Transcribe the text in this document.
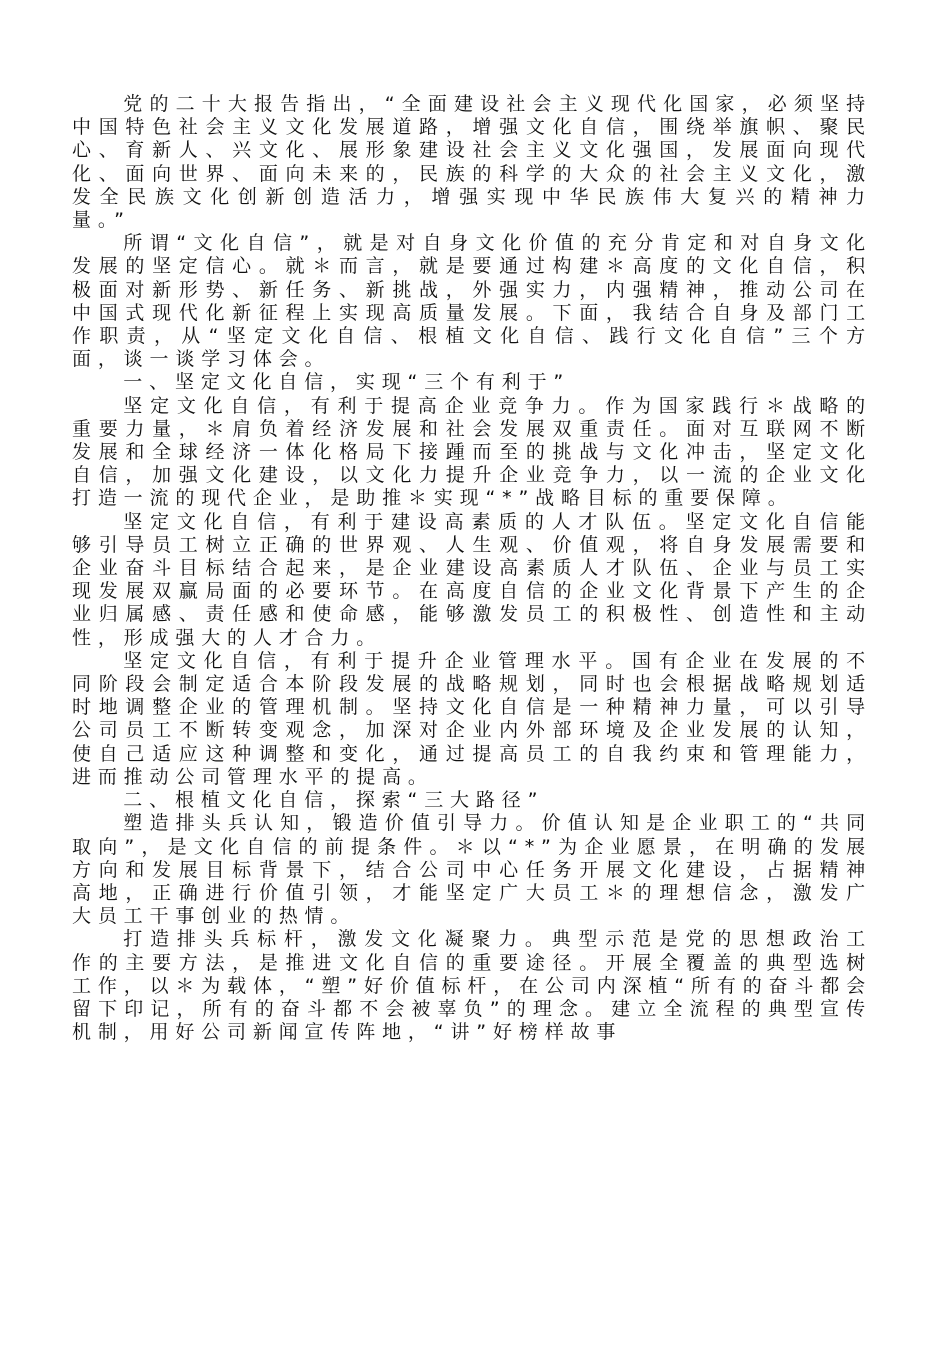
党的二十大报告指出，“全面建设社会主义现代化国家，必须坚持中国特色社会主义文化发展道路，增强文化自信，围绕举旗帜、聚民心、育新人、兴文化、展形象建设社会主义文化强国，发展面向现代化、面向世界、面向未来的，民族的科学的大众的社会主义文化，激发全民族文化创新创造活力，增强实现中华民族伟大复兴的精神力量。”

所谓“文化自信”，就是对自身文化价值的充分肯定和对自身文化发展的坚定信心。就＊而言，就是要通过构建＊高度的文化自信，积极面对新形势、新任务、新挑战，外强实力，内强精神，推动公司在中国式现代化新征程上实现高质量发展。下面，我结合自身及部门工作职责，从“坚定文化自信、根植文化自信、践行文化自信”三个方面，谈一谈学习体会。

一、坚定文化自信，实现“三个有利于”

坚定文化自信，有利于提高企业竞争力。作为国家践行＊战略的重要力量，＊肩负着经济发展和社会发展双重责任。面对互联网不断发展和全球经济一体化格局下接踵而至的挑战与文化冲击，坚定文化自信，加强文化建设，以文化力提升企业竞争力，以一流的企业文化打造一流的现代企业，是助推＊实现“*”战略目标的重要保障。

坚定文化自信，有利于建设高素质的人才队伍。坚定文化自信能够引导员工树立正确的世界观、人生观、价值观，将自身发展需要和企业奋斗目标结合起来，是企业建设高素质人才队伍、企业与员工实现发展双赢局面的必要环节。在高度自信的企业文化背景下产生的企业归属感、责任感和使命感，能够激发员工的积极性、创造性和主动性，形成强大的人才合力。

坚定文化自信，有利于提升企业管理水平。国有企业在发展的不同阶段会制定适合本阶段发展的战略规划，同时也会根据战略规划适时地调整企业的管理机制。坚持文化自信是一种精神力量，可以引导公司员工不断转变观念，加深对企业内外部环境及企业发展的认知，使自己适应这种调整和变化，通过提高员工的自我约束和管理能力，进而推动公司管理水平的提高。

二、根植文化自信，探索“三大路径”

塑造排头兵认知，锻造价值引导力。价值认知是企业职工的“共同取向”，是文化自信的前提条件。＊以“*”为企业愿景，在明确的发展方向和发展目标背景下，结合公司中心任务开展文化建设，占据精神高地，正确进行价值引领，才能坚定广大员工＊的理想信念，激发广大员工干事创业的热情。

打造排头兵标杆，激发文化凝聚力。典型示范是党的思想政治工作的主要方法，是推进文化自信的重要途径。开展全覆盖的典型选树工作，以＊为载体，“塑”好价值标杆，在公司内深植“所有的奋斗都会留下印记，所有的奋斗都不会被辜负”的理念。建立全流程的典型宣传机制，用好公司新闻宣传阵地，“讲”好榜样故事
